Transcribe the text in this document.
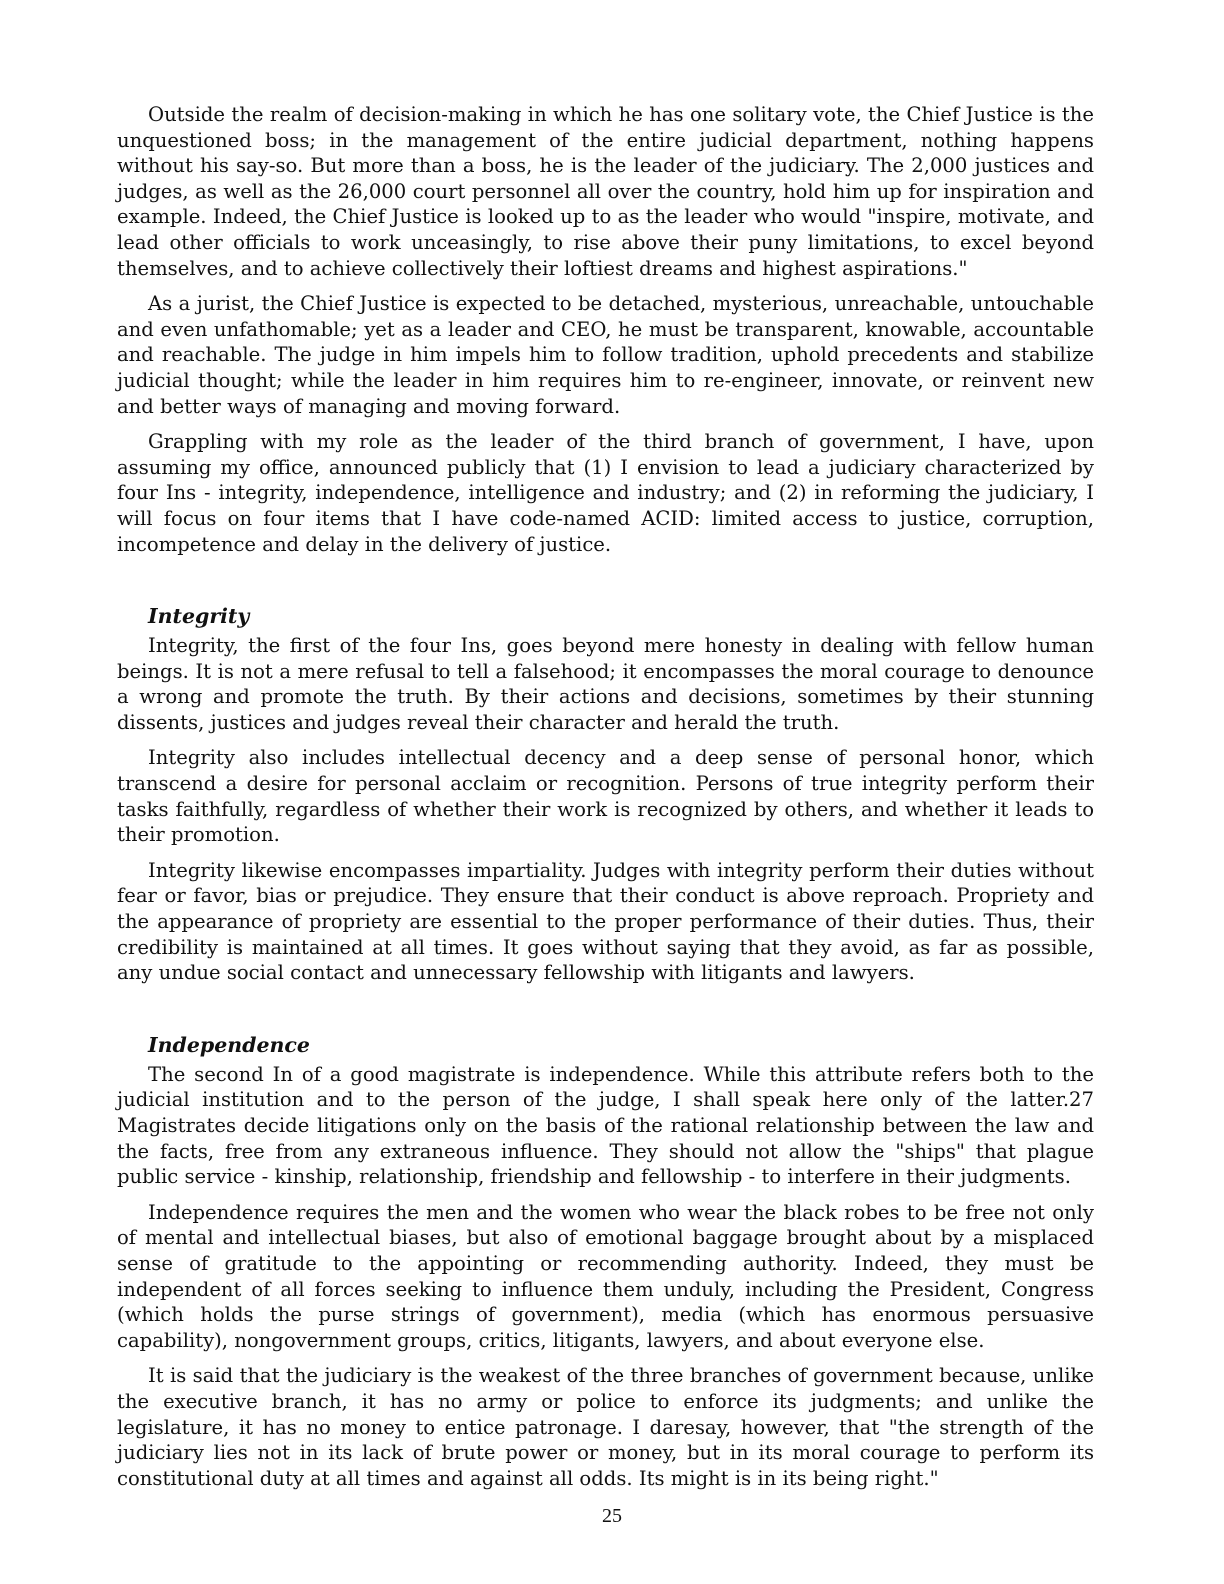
Outside the realm of decision-making in which he has one solitary vote, the Chief Justice is the unquestioned boss; in the management of the entire judicial department, nothing happens without his say-so. But more than a boss, he is the leader of the judiciary. The 2,000 justices and judges, as well as the 26,000 court personnel all over the country, hold him up for inspiration and example. Indeed, the Chief Justice is looked up to as the leader who would "inspire, motivate, and lead other officials to work unceasingly, to rise above their puny limitations, to excel beyond themselves, and to achieve collectively their loftiest dreams and highest aspirations."

As a jurist, the Chief Justice is expected to be detached, mysterious, unreachable, untouchable and even unfathomable; yet as a leader and CEO, he must be transparent, knowable, accountable and reachable. The judge in him impels him to follow tradition, uphold precedents and stabilize judicial thought; while the leader in him requires him to re-engineer, innovate, or reinvent new and better ways of managing and moving forward.

Grappling with my role as the leader of the third branch of government, I have, upon assuming my office, announced publicly that (1) I envision to lead a judiciary characterized by four Ins - integrity, independence, intelligence and industry; and (2) in reforming the judiciary, I will focus on four items that I have code-named ACID: limited access to justice, corruption, incompetence and delay in the delivery of justice.

Integrity

Integrity, the first of the four Ins, goes beyond mere honesty in dealing with fellow human beings. It is not a mere refusal to tell a falsehood; it encompasses the moral courage to denounce a wrong and promote the truth. By their actions and decisions, sometimes by their stunning dissents, justices and judges reveal their character and herald the truth.

Integrity also includes intellectual decency and a deep sense of personal honor, which transcend a desire for personal acclaim or recognition. Persons of true integrity perform their tasks faithfully, regardless of whether their work is recognized by others, and whether it leads to their promotion.

Integrity likewise encompasses impartiality. Judges with integrity perform their duties without fear or favor, bias or prejudice. They ensure that their conduct is above reproach. Propriety and the appearance of propriety are essential to the proper performance of their duties. Thus, their credibility is maintained at all times. It goes without saying that they avoid, as far as possible, any undue social contact and unnecessary fellowship with litigants and lawyers.

Independence

The second In of a good magistrate is independence. While this attribute refers both to the judicial institution and to the person of the judge, I shall speak here only of the latter.27 Magistrates decide litigations only on the basis of the rational relationship between the law and the facts, free from any extraneous influence. They should not allow the "ships" that plague public service - kinship, relationship, friendship and fellowship - to interfere in their judgments.

Independence requires the men and the women who wear the black robes to be free not only of mental and intellectual biases, but also of emotional baggage brought about by a misplaced sense of gratitude to the appointing or recommending authority. Indeed, they must be independent of all forces seeking to influence them unduly, including the President, Congress (which holds the purse strings of government), media (which has enormous persuasive capability), nongovernment groups, critics, litigants, lawyers, and about everyone else.

It is said that the judiciary is the weakest of the three branches of government because, unlike the executive branch, it has no army or police to enforce its judgments; and unlike the legislature, it has no money to entice patronage. I daresay, however, that "the strength of the judiciary lies not in its lack of brute power or money, but in its moral courage to perform its constitutional duty at all times and against all odds. Its might is in its being right."

25
